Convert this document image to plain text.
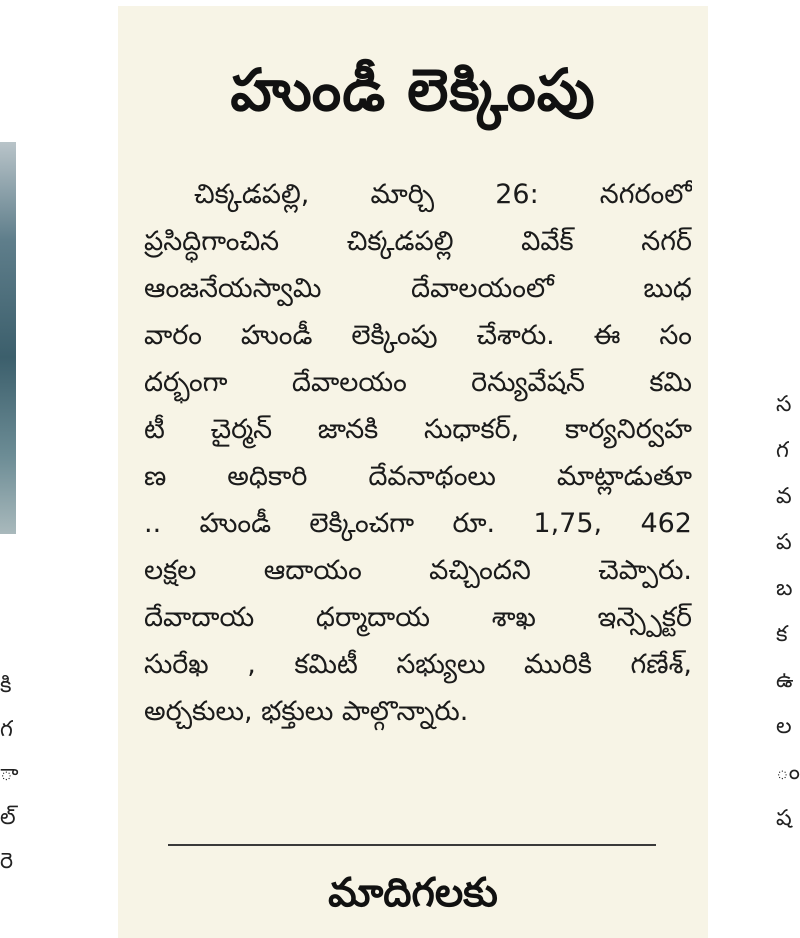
కి
గ
ా
ల్
రె
హుండీ లెక్కింపు
చిక్కడపల్లి, మార్చి 26: నగరంలో
ప్రసిద్ధిగాంచిన చిక్కడపల్లి వివేక్ నగర్
ఆంజనేయస్వామి దేవాలయంలో బుధ
వారం హుండీ లెక్కింపు చేశారు. ఈ సం
దర్భంగా దేవాలయం రెన్యువేషన్ కమి
టీ చైర్మన్ జానకి సుధాకర్, కార్యనిర్వహ
ణ అధికారి దేవనాథంలు మాట్లాడుతూ
.. హుండీ లెక్కించగా రూ. 1,75, 462
లక్షల ఆదాయం వచ్చిందని చెప్పారు.
దేవాదాయ ధర్మాదాయ శాఖ ఇన్స్పెక్టర్
సురేఖ , కమిటీ సభ్యులు మురికి గణేశ్,
అర్చకులు, భక్తులు పాల్గొన్నారు.
మాదిగలకు
స
గ
వ
ప
బ
క
ఉ
ల
ం
ష
